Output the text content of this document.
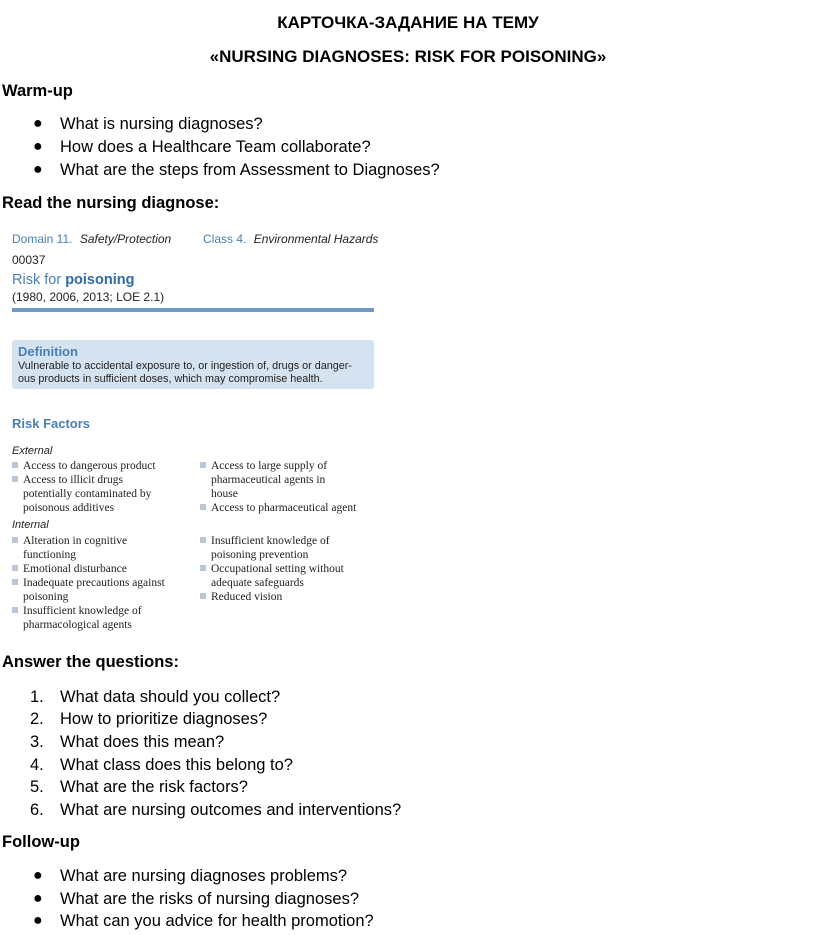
КАРТОЧКА-ЗАДАНИЕ НА ТЕМУ
«NURSING DIAGNOSES: RISK FOR POISONING»
Warm-up
● What is nursing diagnoses?
● How does a Healthcare Team collaborate?
● What are the steps from Assessment to Diagnoses?
Read the nursing diagnose:
Domain 11. Safety/Protection	Class 4. Environmental Hazards
00037
Risk for poisoning
(1980, 2006, 2013; LOE 2.1)
Definition
Vulnerable to accidental exposure to, or ingestion of, drugs or danger-
ous products in sufficient doses, which may compromise health.
Risk Factors
External
Access to dangerous product
Access to illicit drugs
potentially contaminated by
poisonous additives
Access to large supply of
pharmaceutical agents in
house
Access to pharmaceutical agent
Internal
Alteration in cognitive
functioning
Emotional disturbance
Inadequate precautions against
poisoning
Insufficient knowledge of
pharmacological agents
Insufficient knowledge of
poisoning prevention
Occupational setting without
adequate safeguards
Reduced vision
Answer the questions:
1. What data should you collect?
2. How to prioritize diagnoses?
3. What does this mean?
4. What class does this belong to?
5. What are the risk factors?
6. What are nursing outcomes and interventions?
Follow-up
● What are nursing diagnoses problems?
● What are the risks of nursing diagnoses?
● What can you advice for health promotion?
